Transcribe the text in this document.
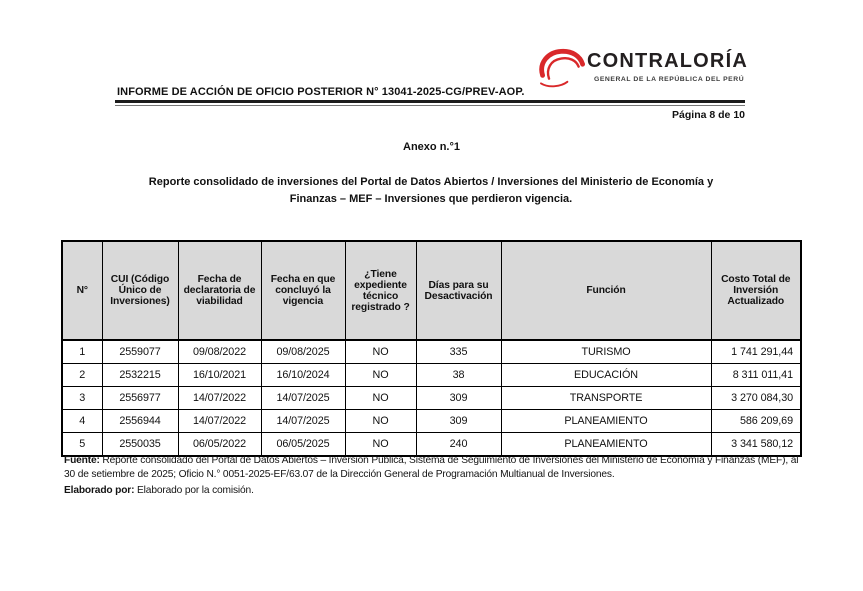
INFORME DE ACCIÓN DE OFICIO POSTERIOR N° 13041-2025-CG/PREV-AOP.
CONTRALORÍA
GENERAL DE LA REPÚBLICA DEL PERÚ
Página 8 de 10
Anexo n.°1
Reporte consolidado de inversiones del Portal de Datos Abiertos / Inversiones del Ministerio de Economía y Finanzas – MEF – Inversiones que perdieron vigencia.
N°	CUI (Código Único de Inversiones)	Fecha de declaratoria de viabilidad	Fecha en que concluyó la vigencia	¿Tiene expediente técnico registrado ?	Días para su Desactivación	Función	Costo Total de Inversión Actualizado
1	2559077	09/08/2022	09/08/2025	NO	335	TURISMO	1 741 291,44
2	2532215	16/10/2021	16/10/2024	NO	38	EDUCACIÓN	8 311 011,41
3	2556977	14/07/2022	14/07/2025	NO	309	TRANSPORTE	3 270 084,30
4	2556944	14/07/2022	14/07/2025	NO	309	PLANEAMIENTO	586 209,69
5	2550035	06/05/2022	06/05/2025	NO	240	PLANEAMIENTO	3 341 580,12
Fuente: Reporte consolidado del Portal de Datos Abiertos – Inversión Pública, Sistema de Seguimiento de Inversiones del Ministerio de Economía y Finanzas (MEF), al 30 de setiembre de 2025; Oficio N.° 0051-2025-EF/63.07 de la Dirección General de Programación Multianual de Inversiones.
Elaborado por: Elaborado por la comisión.
